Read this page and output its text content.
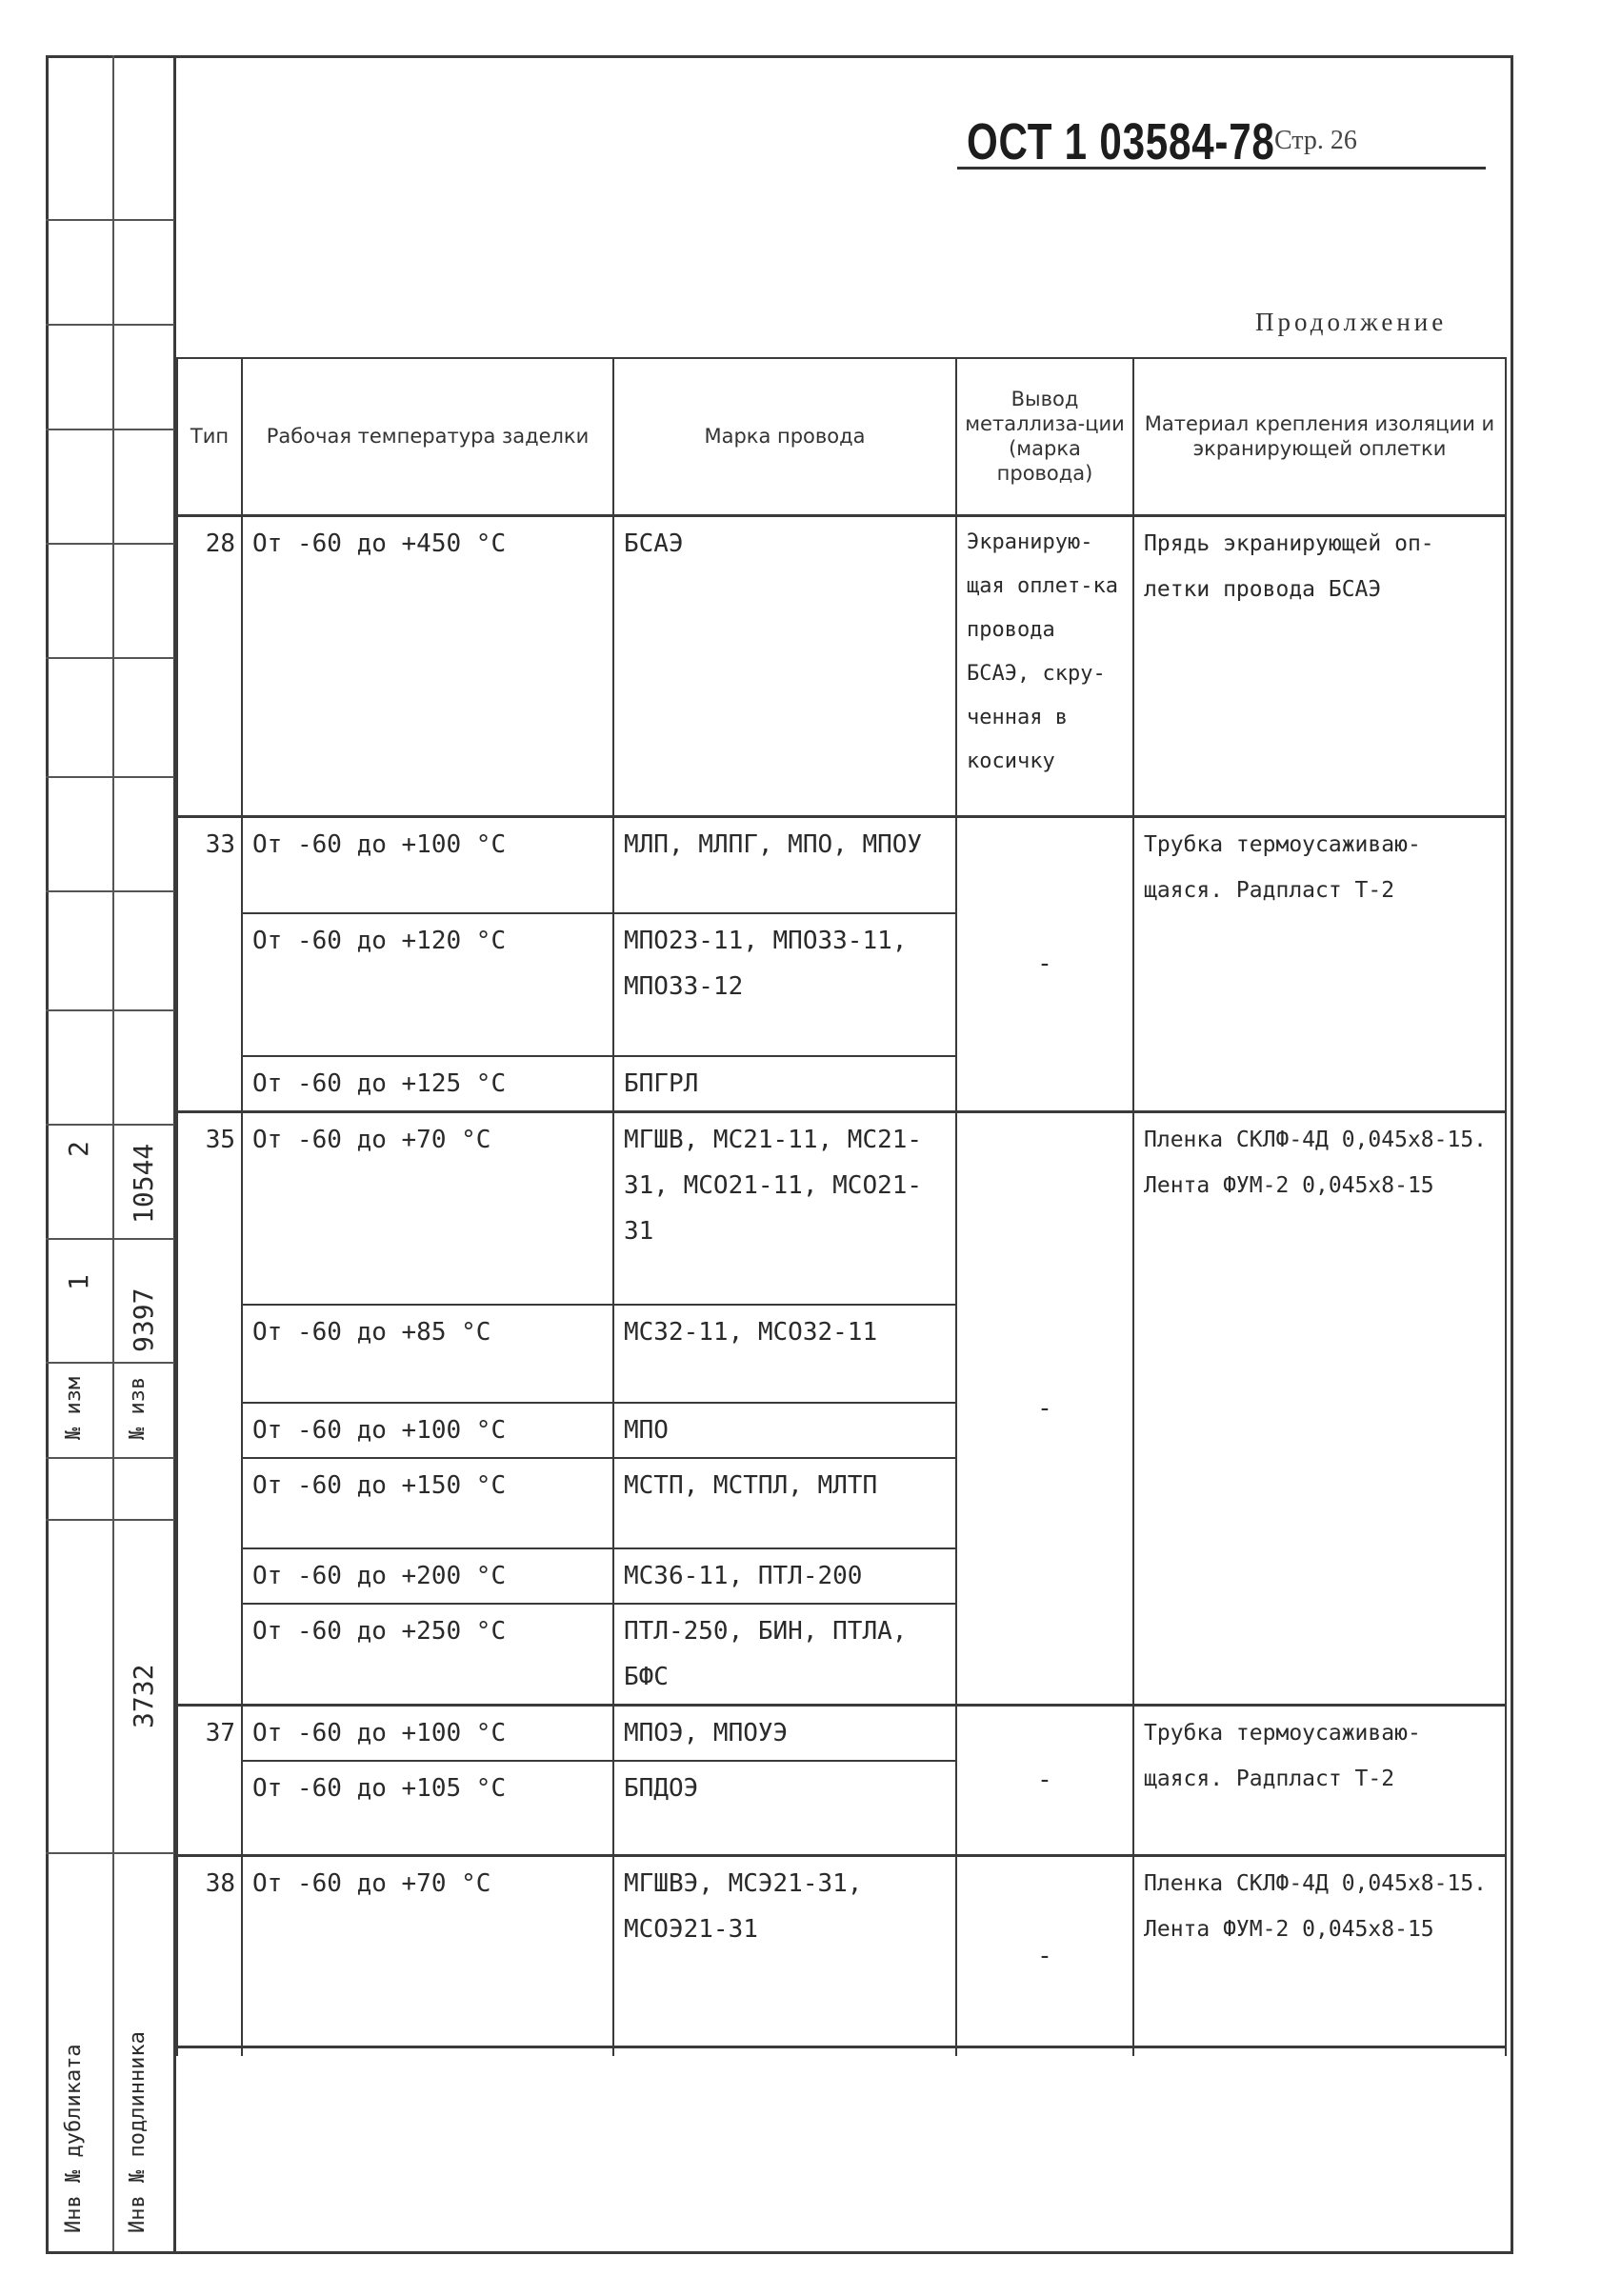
№ изм № изв
1
2
9397
10544
3732
Инв № дубликата Инв № подлинника
ОСТ 1 03584-78 Стр. 26
Продолжение
Тип	Рабочая температура заделки	Марка провода	Вывод металлиза-ции (марка провода)	Материал крепления изоляции и экранирующей оплетки
28	От -60 до +450 °С	БСАЭ	Экранирую-щая оплет-ка провода БСАЭ, скру-ченная в косичку	Прядь экранирующей оп-летки провода БСАЭ
33	От -60 до +100 °С	МЛП, МЛПГ, МПО, МПОУ	-	Трубка термоусаживаю-щаяся. Радпласт Т-2
	От -60 до +120 °С	МПО23-11, МПО33-11, МПО33-12		
	От -60 до +125 °С	БПГРЛ		
35	От -60 до +70 °С	МГШВ, МС21-11, МС21-31, МСО21-11, МСО21-31	-	Пленка СКЛФ-4Д 0,045х8-15. Лента ФУМ-2 0,045х8-15
	От -60 до +85 °С	МС32-11, МСО32-11		
	От -60 до +100 °С	МПО		
	От -60 до +150 °С	МСТП, МСТПЛ, МЛТП		
	От -60 до +200 °С	МС36-11, ПТЛ-200		
	От -60 до +250 °С	ПТЛ-250, БИН, ПТЛА, БФС		
37	От -60 до +100 °С	МПОЭ, МПОУЭ	-	Трубка термоусаживаю-щаяся. Радпласт Т-2
	От -60 до +105 °С	БПДОЭ		
38	От -60 до +70 °С	МГШВЭ, МСЭ21-31, МСОЭ21-31	-	Пленка СКЛФ-4Д 0,045х8-15. Лента ФУМ-2 0,045х8-15
